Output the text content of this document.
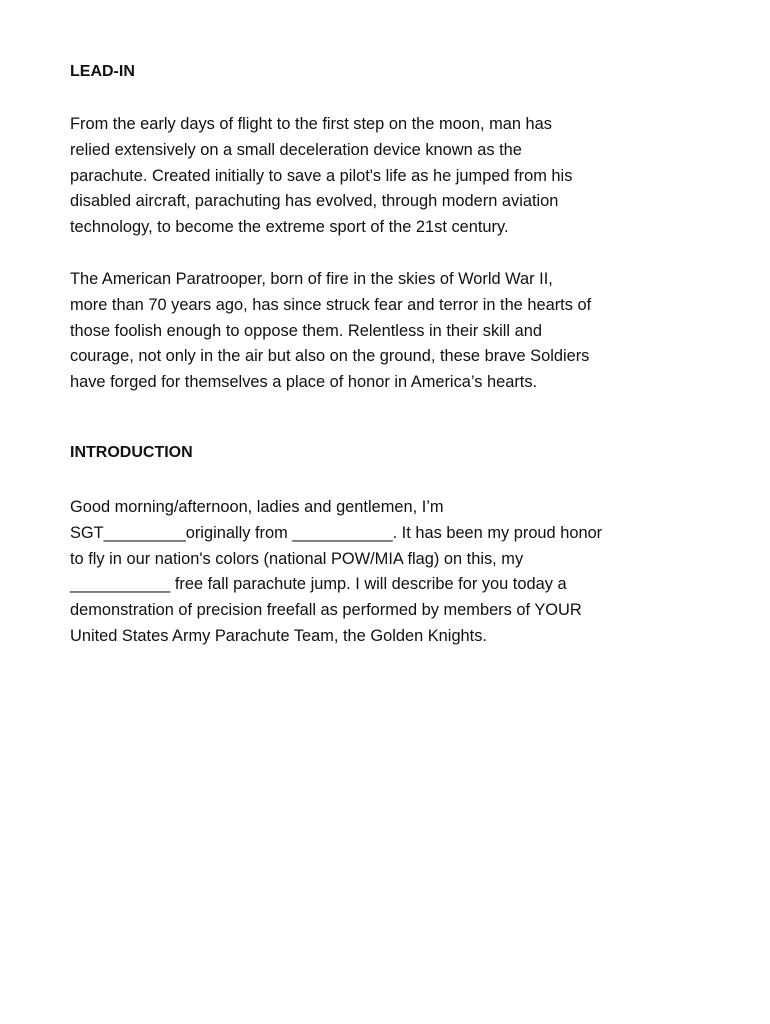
LEAD-IN

From the early days of flight to the first step on the moon, man has
relied extensively on a small deceleration device known as the
parachute. Created initially to save a pilot's life as he jumped from his
disabled aircraft, parachuting has evolved, through modern aviation
technology, to become the extreme sport of the 21st century.

The American Paratrooper, born of fire in the skies of World War II,
more than 70 years ago, has since struck fear and terror in the hearts of
those foolish enough to oppose them. Relentless in their skill and
courage, not only in the air but also on the ground, these brave Soldiers
have forged for themselves a place of honor in America’s hearts.

INTRODUCTION

Good morning/afternoon, ladies and gentlemen, I’m
SGT_________originally from ___________. It has been my proud honor
to fly in our nation's colors (national POW/MIA flag) on this, my
___________ free fall parachute jump. I will describe for you today a
demonstration of precision freefall as performed by members of YOUR
United States Army Parachute Team, the Golden Knights.
